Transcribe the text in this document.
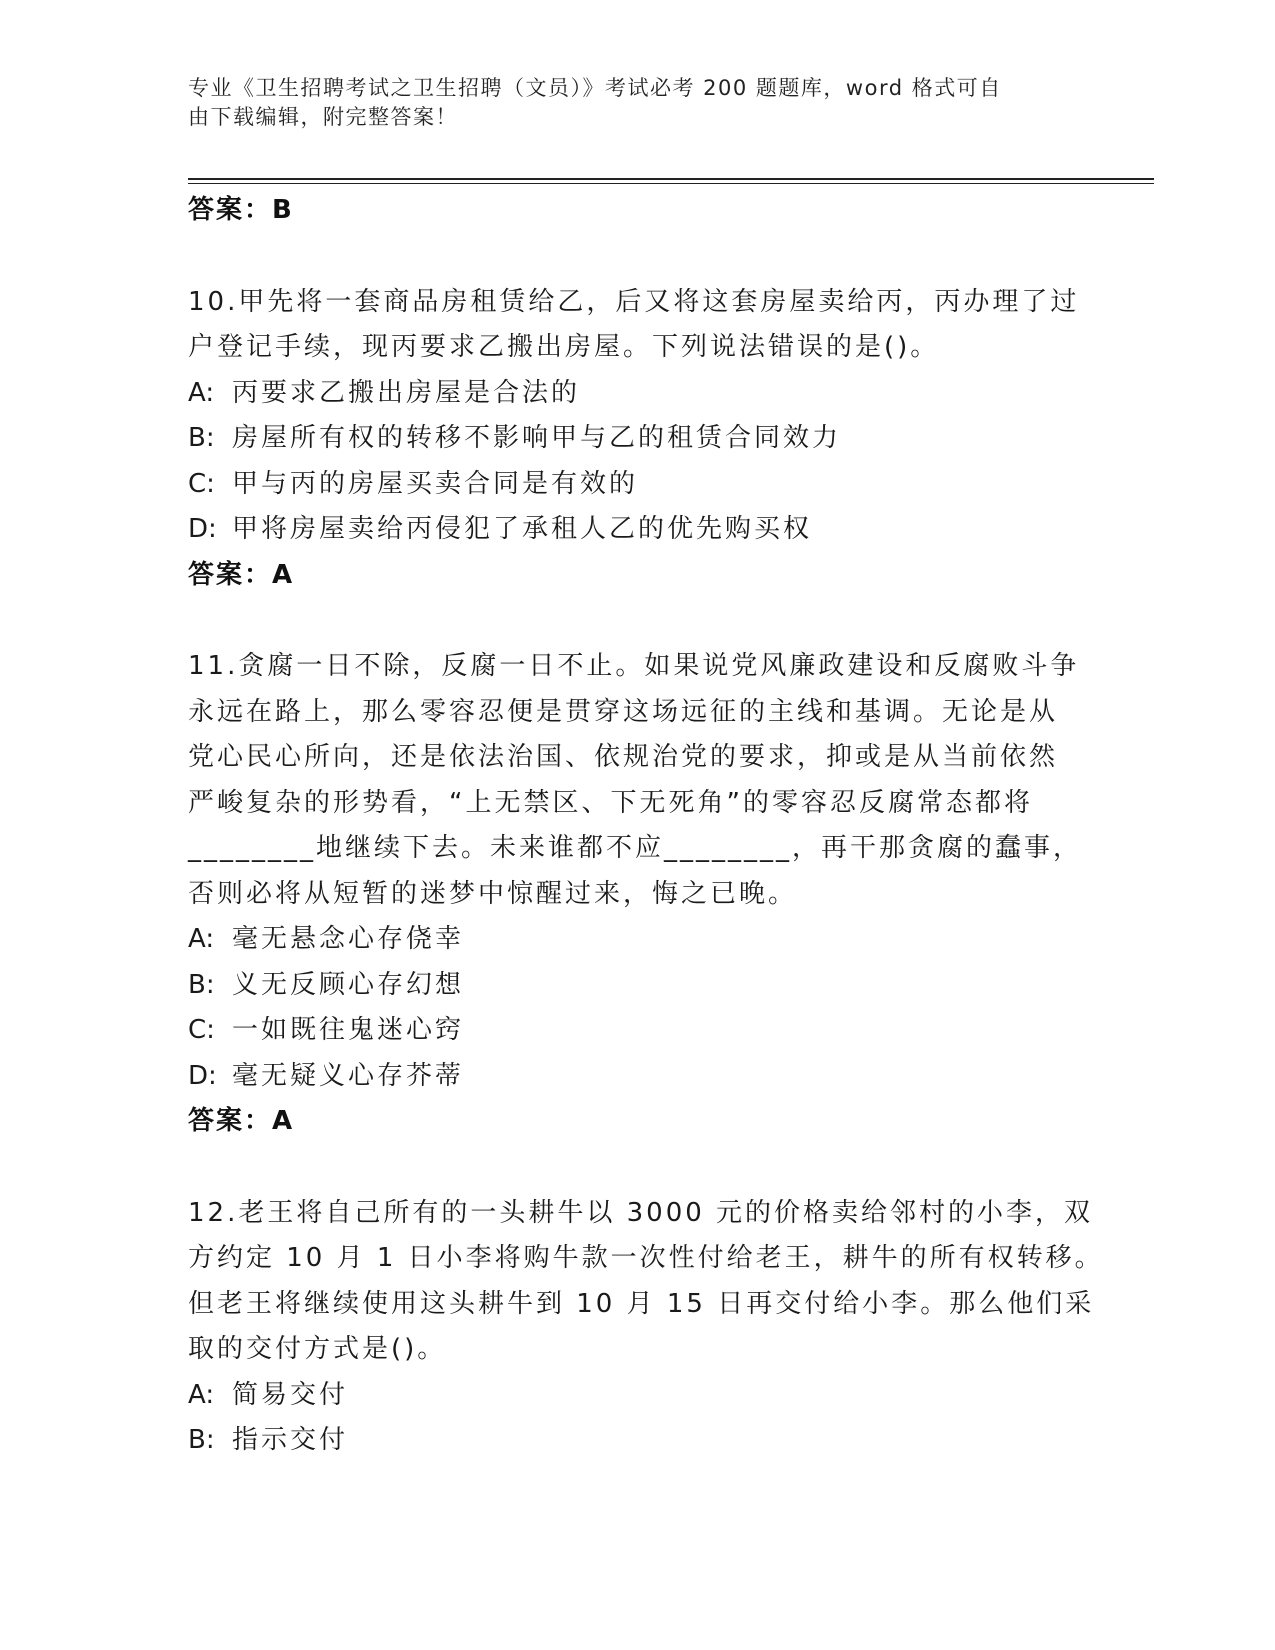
专业《卫生招聘考试之卫生招聘（文员）》考试必考 200 题题库，word 格式可自
由下载编辑，附完整答案！
答案：B
10.甲先将一套商品房租赁给乙，后又将这套房屋卖给丙，丙办理了过
户登记手续，现丙要求乙搬出房屋。下列说法错误的是()。
A: 丙要求乙搬出房屋是合法的
B: 房屋所有权的转移不影响甲与乙的租赁合同效力
C: 甲与丙的房屋买卖合同是有效的
D: 甲将房屋卖给丙侵犯了承租人乙的优先购买权
答案：A
11.贪腐一日不除，反腐一日不止。如果说党风廉政建设和反腐败斗争
永远在路上，那么零容忍便是贯穿这场远征的主线和基调。无论是从
党心民心所向，还是依法治国、依规治党的要求，抑或是从当前依然
严峻复杂的形势看，“上无禁区、下无死角”的零容忍反腐常态都将
________地继续下去。未来谁都不应________，再干那贪腐的蠢事，
否则必将从短暂的迷梦中惊醒过来，悔之已晚。
A: 毫无悬念心存侥幸
B: 义无反顾心存幻想
C: 一如既往鬼迷心窍
D: 毫无疑义心存芥蒂
答案：A
12.老王将自己所有的一头耕牛以 3000 元的价格卖给邻村的小李，双
方约定 10 月 1 日小李将购牛款一次性付给老王，耕牛的所有权转移。
但老王将继续使用这头耕牛到 10 月 15 日再交付给小李。那么他们采
取的交付方式是()。
A: 简易交付
B: 指示交付
